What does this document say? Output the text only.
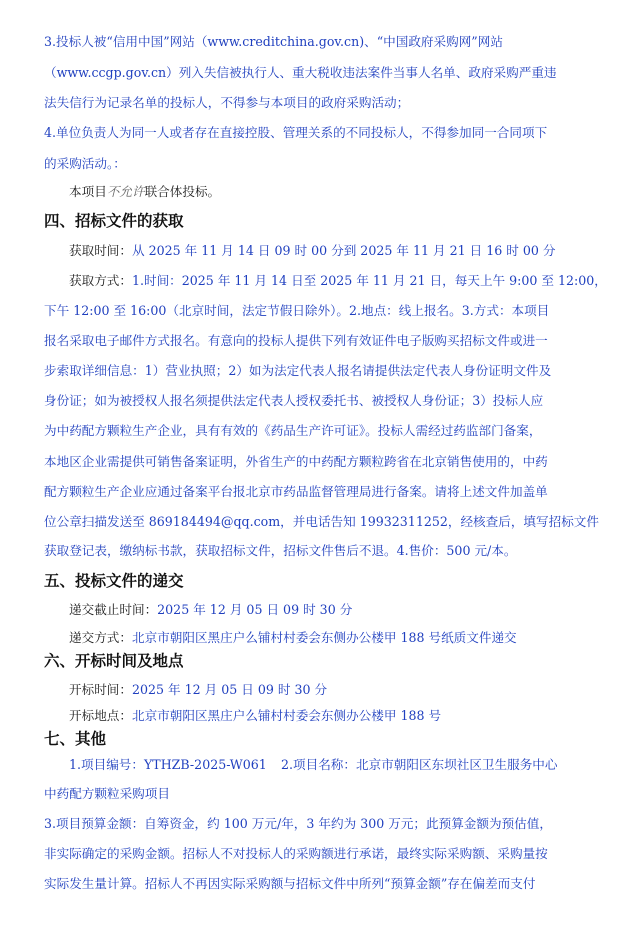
3.投标人被“信用中国”网站（www.creditchina.gov.cn)、“中国政府采购网”网站
（www.ccgp.gov.cn）列入失信被执行人、重大税收违法案件当事人名单、政府采购严重违
法失信行为记录名单的投标人，不得参与本项目的政府采购活动；
4.单位负责人为同一人或者存在直接控股、管理关系的不同投标人，不得参加同一合同项下
的采购活动。：
本项目不允许联合体投标。
四、招标文件的获取
获取时间：从 2025 年 11 月 14 日 09 时 00 分到 2025 年 11 月 21 日 16 时 00 分
获取方式：1.时间：2025 年 11 月 14 日至 2025 年 11 月 21 日，每天上午 9:00 至 12:00，
下午 12:00 至 16:00（北京时间，法定节假日除外）。2.地点：线上报名。3.方式：本项目
报名采取电子邮件方式报名。有意向的投标人提供下列有效证件电子版购买招标文件或进一
步索取详细信息：1）营业执照；2）如为法定代表人报名请提供法定代表人身份证明文件及
身份证；如为被授权人报名须提供法定代表人授权委托书、被授权人身份证；3）投标人应
为中药配方颗粒生产企业，具有有效的《药品生产许可证》。投标人需经过药监部门备案，
本地区企业需提供可销售备案证明，外省生产的中药配方颗粒跨省在北京销售使用的，中药
配方颗粒生产企业应通过备案平台报北京市药品监督管理局进行备案。请将上述文件加盖单
位公章扫描发送至 869184494@qq.com，并电话告知 19932311252，经核查后，填写招标文件
获取登记表，缴纳标书款，获取招标文件，招标文件售后不退。4.售价：500 元/本。
五、投标文件的递交
递交截止时间：2025 年 12 月 05 日 09 时 30 分
递交方式：北京市朝阳区黑庄户么铺村村委会东侧办公楼甲 188 号纸质文件递交
六、开标时间及地点
开标时间：2025 年 12 月 05 日 09 时 30 分
开标地点：北京市朝阳区黑庄户么铺村村委会东侧办公楼甲 188 号
七、其他
1.项目编号：YTHZB-2025-W061 2.项目名称：北京市朝阳区东坝社区卫生服务中心
中药配方颗粒采购项目
3.项目预算金额：自筹资金，约 100 万元/年，3 年约为 300 万元；此预算金额为预估值，
非实际确定的采购金额。招标人不对投标人的采购额进行承诺，最终实际采购额、采购量按
实际发生量计算。招标人不再因实际采购额与招标文件中所列“预算金额”存在偏差而支付
